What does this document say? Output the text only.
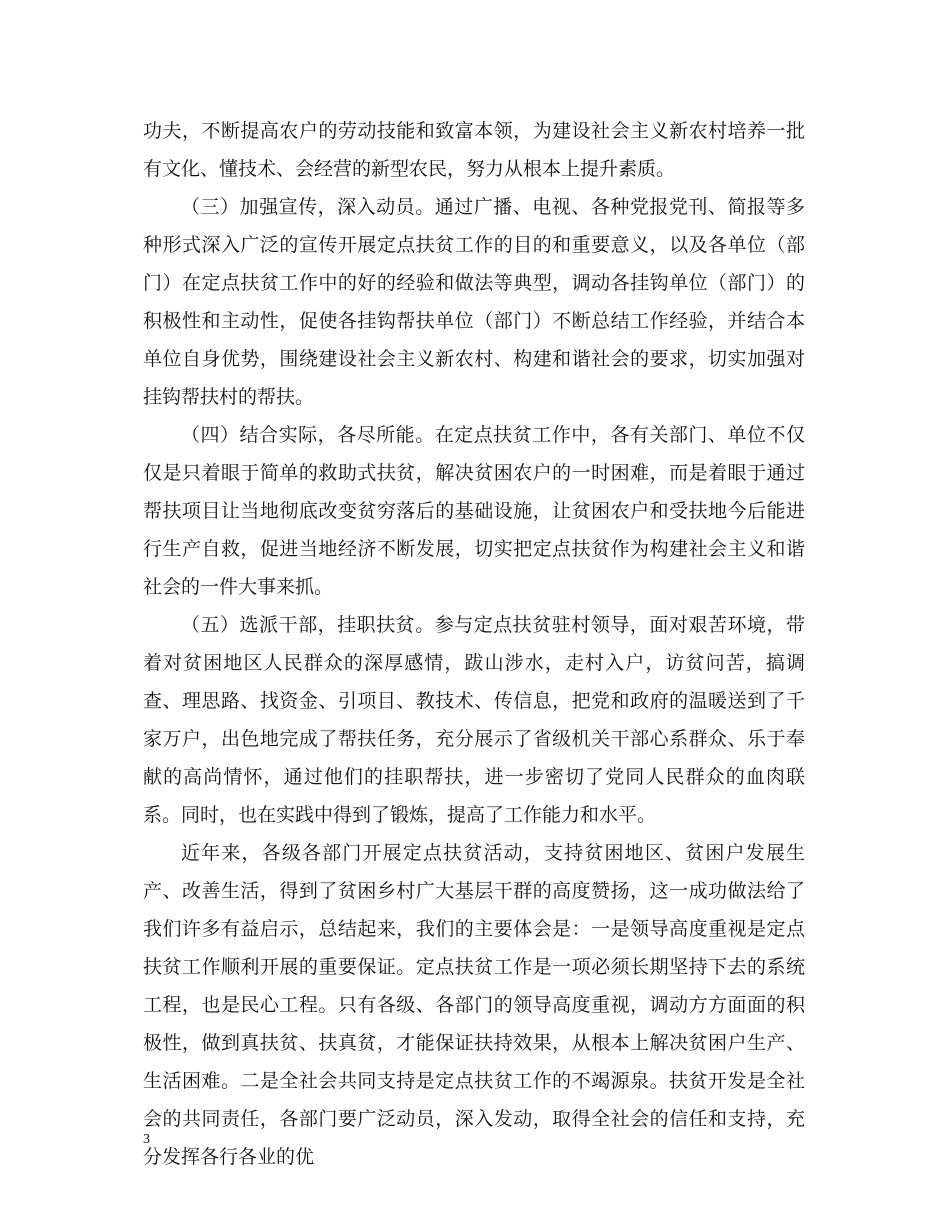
功夫，不断提高农户的劳动技能和致富本领，为建设社会主义新农村培养一批有文化、懂技术、会经营的新型农民，努力从根本上提升素质。

（三）加强宣传，深入动员。通过广播、电视、各种党报党刊、简报等多种形式深入广泛的宣传开展定点扶贫工作的目的和重要意义，以及各单位（部门）在定点扶贫工作中的好的经验和做法等典型，调动各挂钩单位（部门）的积极性和主动性，促使各挂钩帮扶单位（部门）不断总结工作经验，并结合本单位自身优势，围绕建设社会主义新农村、构建和谐社会的要求，切实加强对挂钩帮扶村的帮扶。

（四）结合实际，各尽所能。在定点扶贫工作中，各有关部门、单位不仅仅是只着眼于简单的救助式扶贫，解决贫困农户的一时困难，而是着眼于通过帮扶项目让当地彻底改变贫穷落后的基础设施，让贫困农户和受扶地今后能进行生产自救，促进当地经济不断发展，切实把定点扶贫作为构建社会主义和谐社会的一件大事来抓。

（五）选派干部，挂职扶贫。参与定点扶贫驻村领导，面对艰苦环境，带着对贫困地区人民群众的深厚感情，跋山涉水，走村入户，访贫问苦，搞调查、理思路、找资金、引项目、教技术、传信息，把党和政府的温暖送到了千家万户，出色地完成了帮扶任务，充分展示了省级机关干部心系群众、乐于奉献的高尚情怀，通过他们的挂职帮扶，进一步密切了党同人民群众的血肉联系。同时，也在实践中得到了锻炼，提高了工作能力和水平。

近年来，各级各部门开展定点扶贫活动，支持贫困地区、贫困户发展生产、改善生活，得到了贫困乡村广大基层干群的高度赞扬，这一成功做法给了我们许多有益启示，总结起来，我们的主要体会是：一是领导高度重视是定点扶贫工作顺利开展的重要保证。定点扶贫工作是一项必须长期坚持下去的系统工程，也是民心工程。只有各级、各部门的领导高度重视，调动方方面面的积极性，做到真扶贫、扶真贫，才能保证扶持效果，从根本上解决贫困户生产、生活困难。二是全社会共同支持是定点扶贫工作的不竭源泉。扶贫开发是全社会的共同责任，各部门要广泛动员，深入发动，取得全社会的信任和支持，充分发挥各行各业的优

3
